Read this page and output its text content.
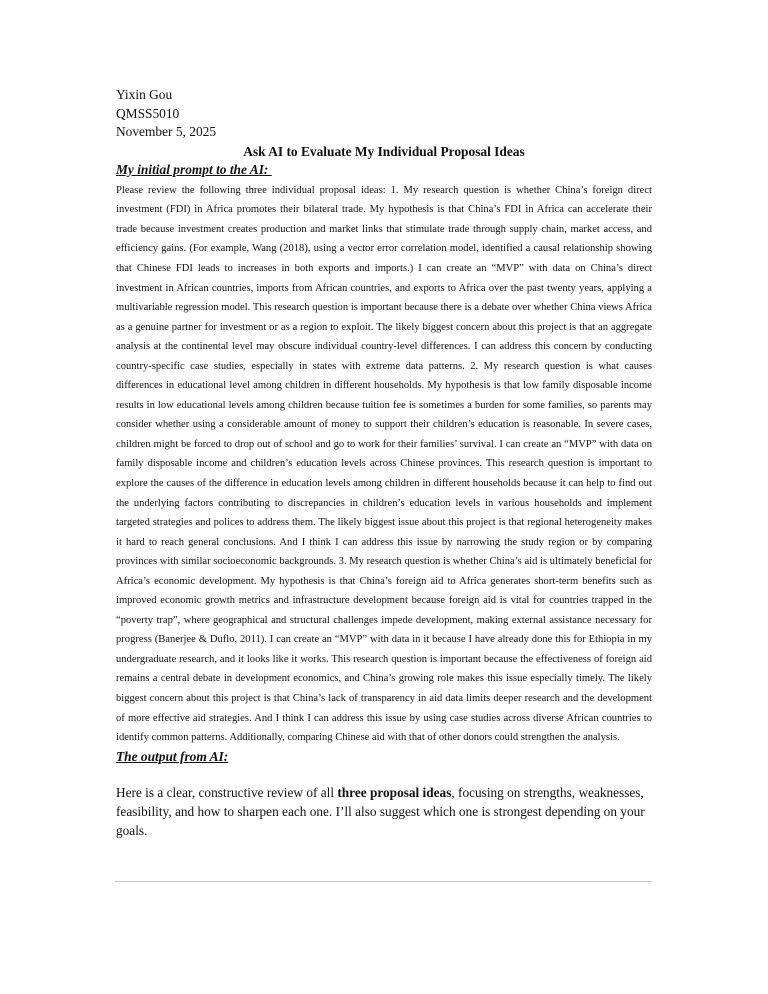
Yixin Gou
QMSS5010
November 5, 2025
Ask AI to Evaluate My Individual Proposal Ideas
My initial prompt to the AI:

Please review the following three individual proposal ideas: 1. My research question is whether China’s foreign direct investment (FDI) in Africa promotes their bilateral trade. My hypothesis is that China’s FDI in Africa can accelerate their trade because investment creates production and market links that stimulate trade through supply chain, market access, and efficiency gains. (For example, Wang (2018), using a vector error correlation model, identified a causal relationship showing that Chinese FDI leads to increases in both exports and imports.) I can create an “MVP” with data on China’s direct investment in African countries, imports from African countries, and exports to Africa over the past twenty years, applying a multivariable regression model. This research question is important because there is a debate over whether China views Africa as a genuine partner for investment or as a region to exploit. The likely biggest concern about this project is that an aggregate analysis at the continental level may obscure individual country-level differences. I can address this concern by conducting country-specific case studies, especially in states with extreme data patterns. 2. My research question is what causes differences in educational level among children in different households. My hypothesis is that low family disposable income results in low educational levels among children because tuition fee is sometimes a burden for some families, so parents may consider whether using a considerable amount of money to support their children’s education is reasonable. In severe cases, children might be forced to drop out of school and go to work for their families’ survival. I can create an “MVP” with data on family disposable income and children’s education levels across Chinese provinces. This research question is important to explore the causes of the difference in education levels among children in different households because it can help to find out the underlying factors contributing to discrepancies in children’s education levels in various households and implement targeted strategies and polices to address them. The likely biggest issue about this project is that regional heterogeneity makes it hard to reach general conclusions. And I think I can address this issue by narrowing the study region or by comparing provinces with similar socioeconomic backgrounds. 3. My research question is whether China’s aid is ultimately beneficial for Africa’s economic development. My hypothesis is that China’s foreign aid to Africa generates short-term benefits such as improved economic growth metrics and infrastructure development because foreign aid is vital for countries trapped in the “poverty trap”, where geographical and structural challenges impede development, making external assistance necessary for progress (Banerjee & Duflo, 2011). I can create an “MVP” with data in it because I have already done this for Ethiopia in my undergraduate research, and it looks like it works. This research question is important because the effectiveness of foreign aid remains a central debate in development economics, and China’s growing role makes this issue especially timely. The likely biggest concern about this project is that China’s lack of transparency in aid data limits deeper research and the development of more effective aid strategies. And I think I can address this issue by using case studies across diverse African countries to identify common patterns. Additionally, comparing Chinese aid with that of other donors could strengthen the analysis.

The output from AI:

Here is a clear, constructive review of all three proposal ideas, focusing on strengths, weaknesses, feasibility, and how to sharpen each one. I’ll also suggest which one is strongest depending on your goals.
